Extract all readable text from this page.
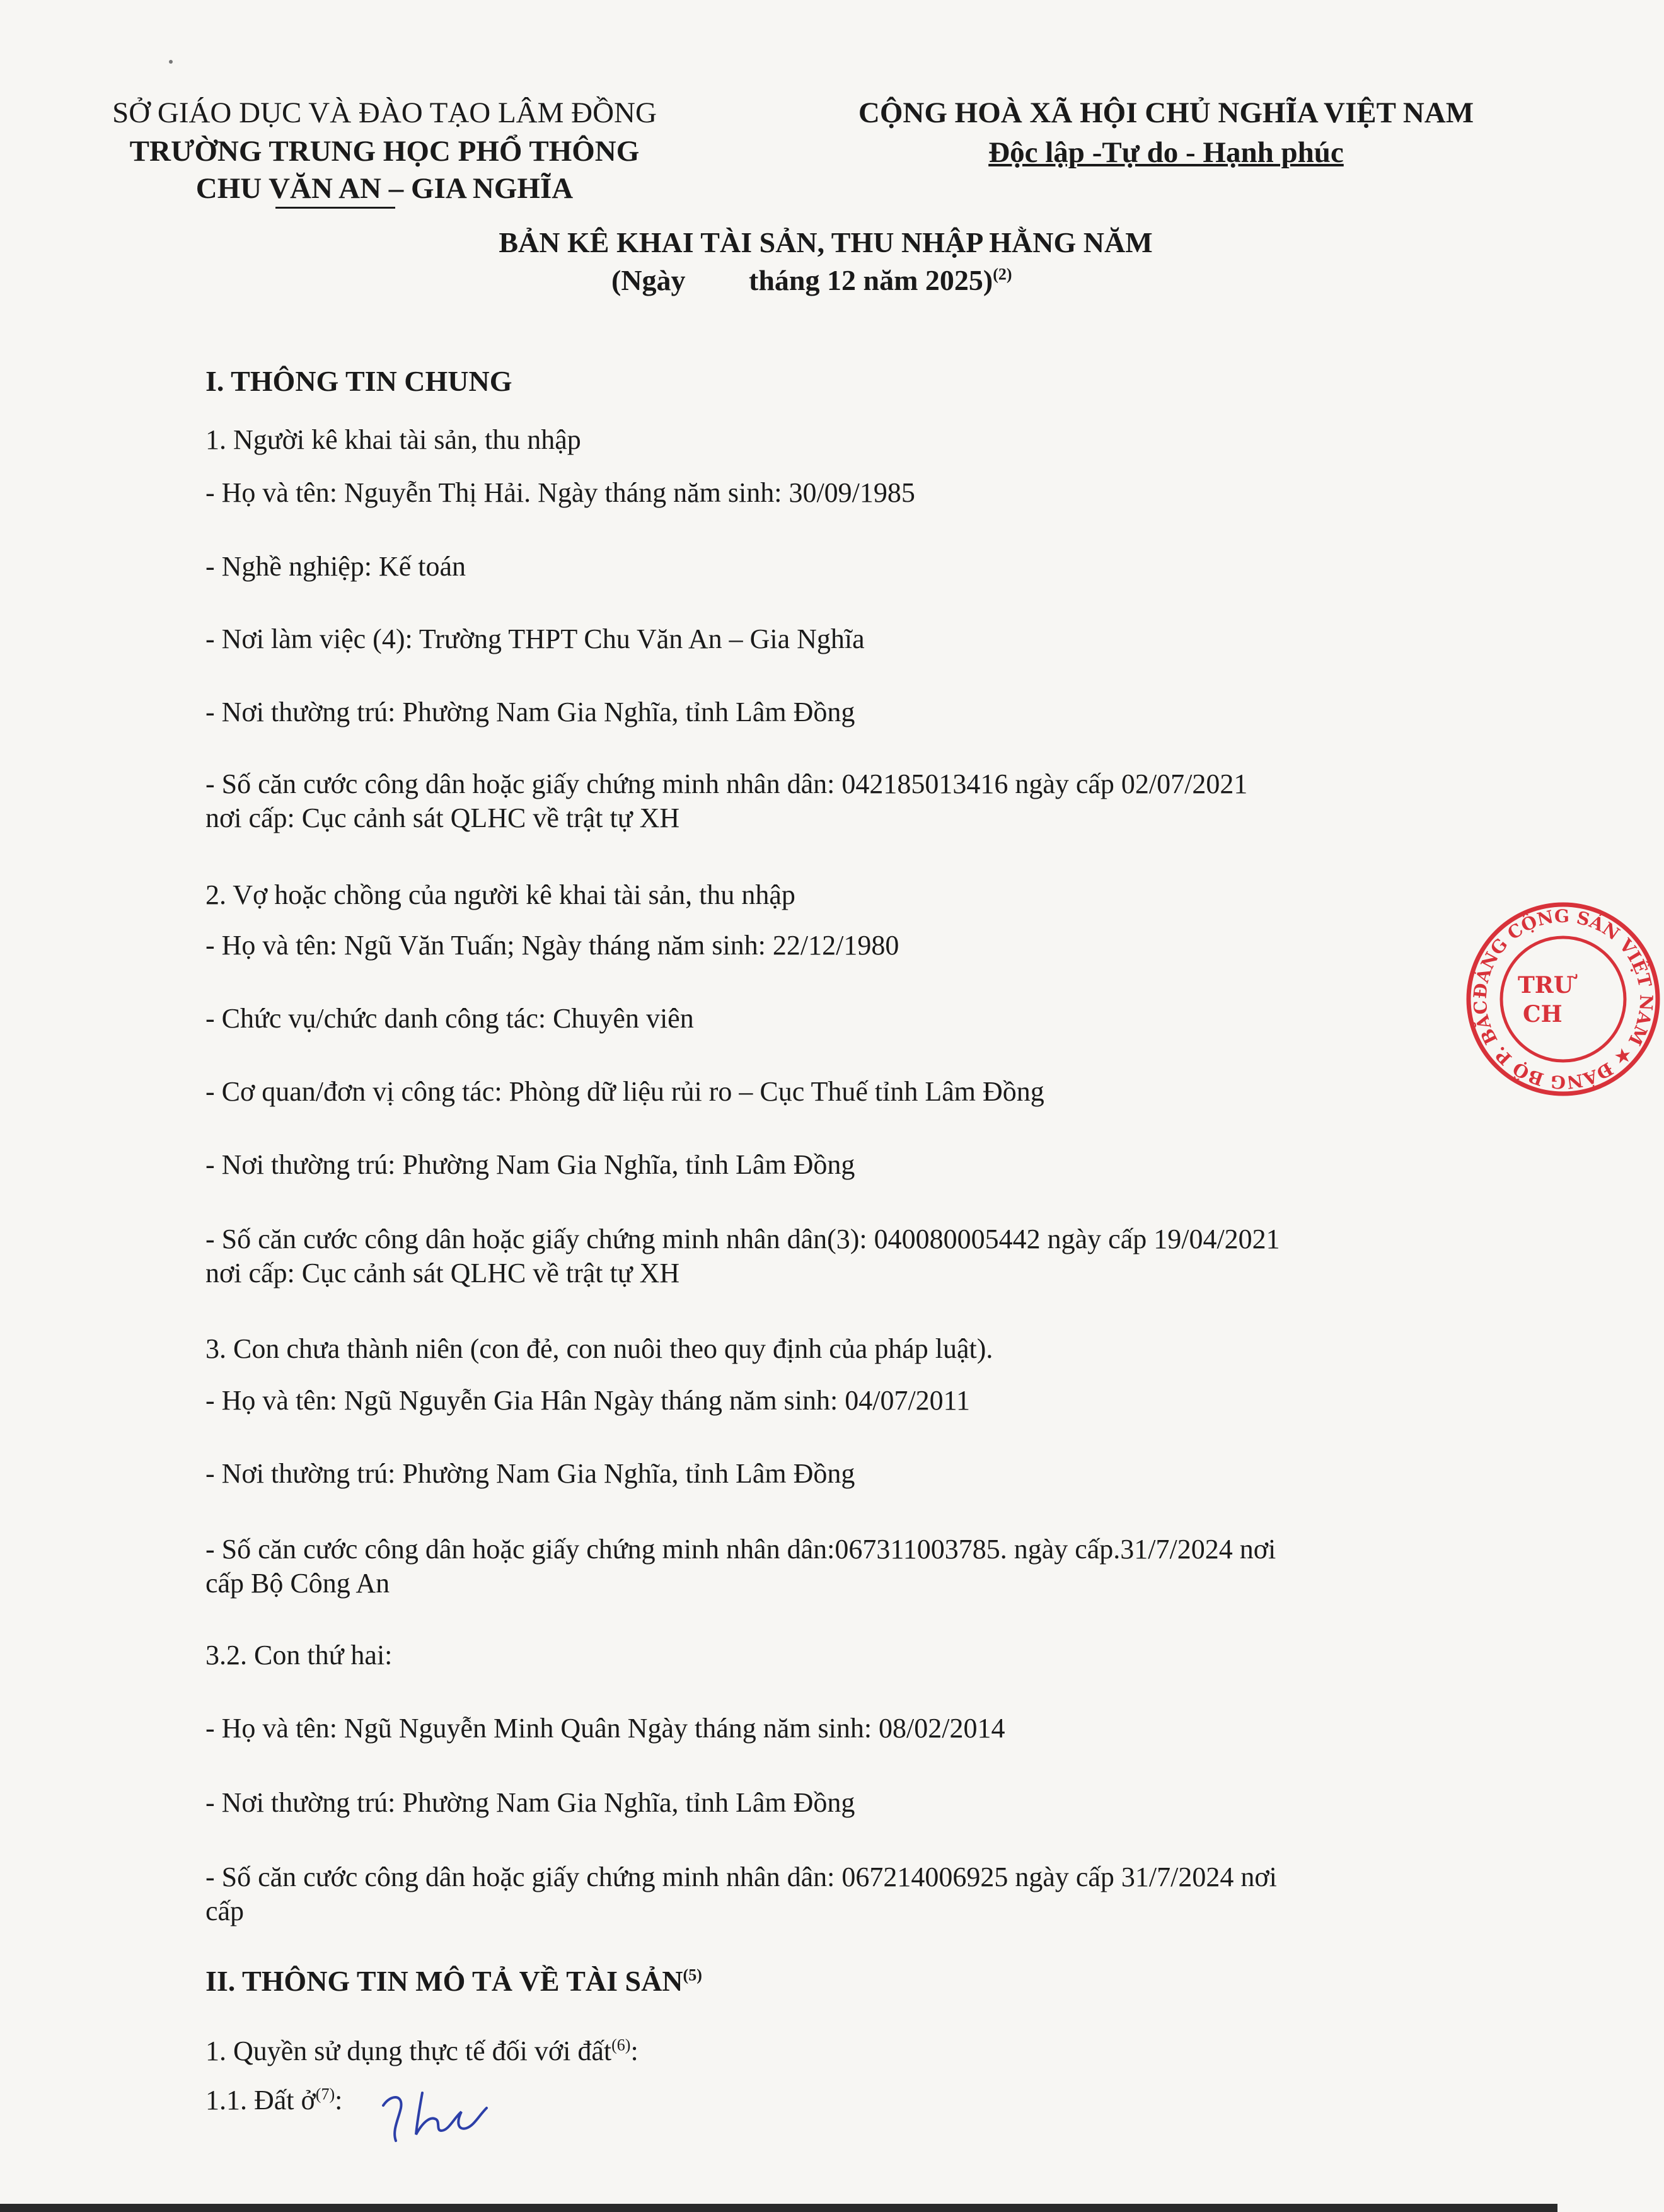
SỞ GIÁO DỤC VÀ ĐÀO TẠO LÂM ĐỒNG
TRƯỜNG TRUNG HỌC PHỔ THÔNG
CHU VĂN AN – GIA NGHĨA
CỘNG HOÀ XÃ HỘI CHỦ NGHĨA VIỆT NAM
Độc lập -Tự do - Hạnh phúc
BẢN KÊ KHAI TÀI SẢN, THU NHẬP HẰNG NĂM
(Ngày tháng 12 năm 2025)$^{(2)}$
I. THÔNG TIN CHUNG
1. Người kê khai tài sản, thu nhập
- Họ và tên: Nguyễn Thị Hải. Ngày tháng năm sinh: 30/09/1985
- Nghề nghiệp: Kế toán
- Nơi làm việc (4): Trường THPT Chu Văn An – Gia Nghĩa
- Nơi thường trú: Phường Nam Gia Nghĩa, tỉnh Lâm Đồng
- Số căn cước công dân hoặc giấy chứng minh nhân dân: 042185013416 ngày cấp 02/07/2021
nơi cấp: Cục cảnh sát QLHC về trật tự XH
2. Vợ hoặc chồng của người kê khai tài sản, thu nhập
- Họ và tên: Ngũ Văn Tuấn; Ngày tháng năm sinh: 22/12/1980
- Chức vụ/chức danh công tác: Chuyên viên
- Cơ quan/đơn vị công tác: Phòng dữ liệu rủi ro – Cục Thuế tỉnh Lâm Đồng
- Nơi thường trú: Phường Nam Gia Nghĩa, tỉnh Lâm Đồng
- Số căn cước công dân hoặc giấy chứng minh nhân dân(3): 040080005442 ngày cấp 19/04/2021
nơi cấp: Cục cảnh sát QLHC về trật tự XH
3. Con chưa thành niên (con đẻ, con nuôi theo quy định của pháp luật).
- Họ và tên: Ngũ Nguyễn Gia Hân Ngày tháng năm sinh: 04/07/2011
- Nơi thường trú: Phường Nam Gia Nghĩa, tỉnh Lâm Đồng
- Số căn cước công dân hoặc giấy chứng minh nhân dân:067311003785. ngày cấp.31/7/2024 nơi
cấp Bộ Công An
3.2. Con thứ hai:
- Họ và tên: Ngũ Nguyễn Minh Quân Ngày tháng năm sinh: 08/02/2014
- Nơi thường trú: Phường Nam Gia Nghĩa, tỉnh Lâm Đồng
- Số căn cước công dân hoặc giấy chứng minh nhân dân: 067214006925 ngày cấp 31/7/2024 nơi
cấp
II. THÔNG TIN MÔ TẢ VỀ TÀI SẢN$^{(5)}$
1. Quyền sử dụng thực tế đối với đất$^{(6)}$:
1.1. Đất ở$^{(7)}$:
ĐẢNG CỘNG SẢN VIỆT NAM ★ ĐẢNG BỘ P. BẮC
TRƯ
CH
